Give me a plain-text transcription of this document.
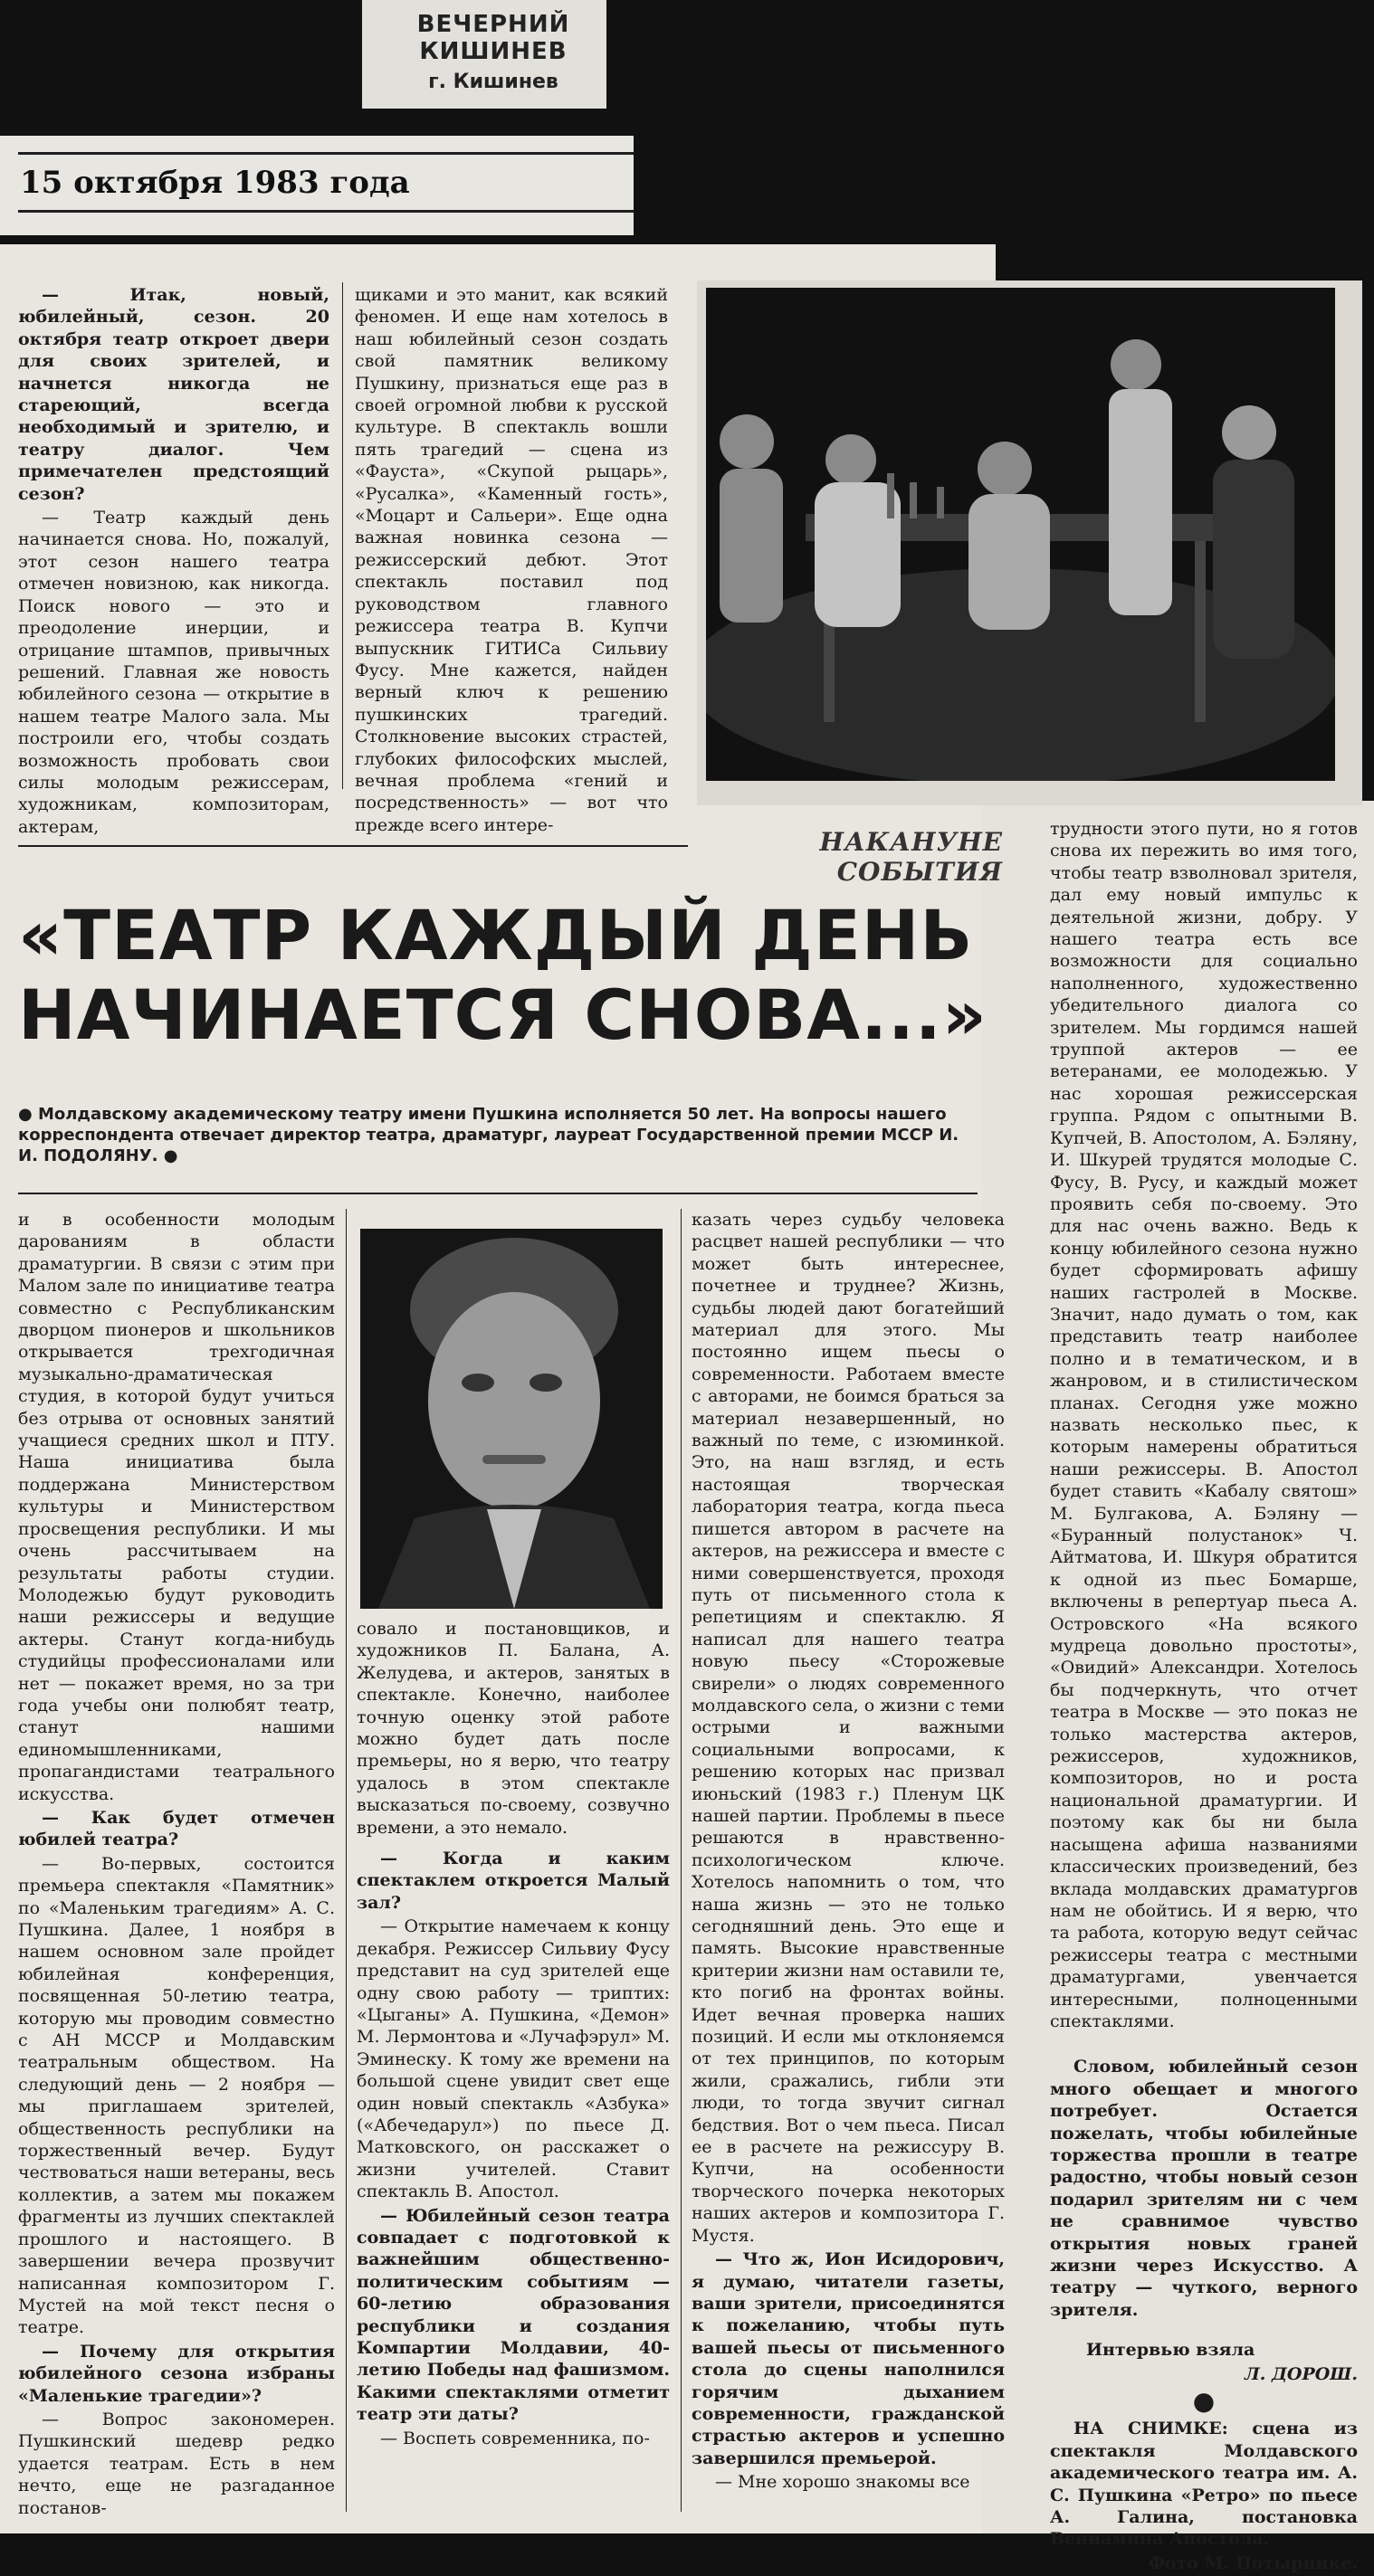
ВЕЧЕРНИЙ КИШИНЕВ
г. Кишинев
15 октября 1983 года

— Итак, новый, юбилейный, сезон. 20 октября театр откроет двери для своих зрителей, и начнется никогда не стареющий, всегда необходимый и зрителю, и театру диалог. Чем примечателен предстоящий сезон?

— Театр каждый день начинается снова. Но, пожалуй, этот сезон нашего театра отмечен новизною, как никогда. Поиск нового — это и преодоление инерции, и отрицание штампов, привычных решений. Главная же новость юбилейного сезона — открытие в нашем театре Малого зала. Мы построили его, чтобы создать возможность пробовать свои силы молодым режиссерам, художникам, композиторам, актерам,

щиками и это манит, как всякий феномен. И еще нам хотелось в наш юбилейный сезон создать свой памятник великому Пушкину, признаться еще раз в своей огромной любви к русской культуре. В спектакль вошли пять трагедий — сцена из «Фауста», «Скупой рыцарь», «Русалка», «Каменный гость», «Моцарт и Сальери». Еще одна важная новинка сезона — режиссерский дебют. Этот спектакль поставил под руководством главного режиссера театра В. Купчи выпускник ГИТИСа Сильвиу Фусу. Мне кажется, найден верный ключ к решению пушкинских трагедий. Столкновение высоких страстей, глубоких философских мыслей, вечная проблема «гений и посредственность» — вот что прежде всего интере-

НАКАНУНЕ СОБЫТИЯ
«ТЕАТР КАЖДЫЙ ДЕНЬ
НАЧИНАЕТСЯ СНОВА...»
● Молдавскому академическому театру имени Пушкина исполняется 50 лет. На вопросы нашего корреспондента отвечает директор театра, драматург, лауреат Государственной премии МССР И. И. ПОДОЛЯНУ. ●

трудности этого пути, но я готов снова их пережить во имя того, чтобы театр взволновал зрителя, дал ему новый импульс к деятельной жизни, добру. У нашего театра есть все возможности для социально наполненного, художественно убедительного диалога со зрителем. Мы гордимся нашей труппой актеров — ее ветеранами, ее молодежью. У нас хорошая режиссерская группа. Рядом с опытными В. Купчей, В. Апостолом, А. Бэляну, И. Шкурей трудятся молодые С. Фусу, В. Русу, и каждый может проявить себя по-своему. Это для нас очень важно. Ведь к концу юбилейного сезона нужно будет сформировать афишу наших гастролей в Москве. Значит, надо думать о том, как представить театр наиболее полно и в тематическом, и в жанровом, и в стилистическом планах. Сегодня уже можно назвать несколько пьес, к которым намерены обратиться наши режиссеры. В. Апостол будет ставить «Кабалу святош» М. Булгакова, А. Бэляну — «Буранный полустанок» Ч. Айтматова, И. Шкуря обратится к одной из пьес Бомарше, включены в репертуар пьеса А. Островского «На всякого мудреца довольно простоты», «Овидий» Александри. Хотелось бы подчеркнуть, что отчет театра в Москве — это показ не только мастерства актеров, режиссеров, художников, композиторов, но и роста национальной драматургии. И поэтому как бы ни была насыщена афиша названиями классических произведений, без вклада молдавских драматургов нам не обойтись. И я верю, что та работа, которую ведут сейчас режиссеры театра с местными драматургами, увенчается интересными, полноценными спектаклями.

Словом, юбилейный сезон много обещает и многого потребует. Остается пожелать, чтобы юбилейные торжества прошли в театре радостно, чтобы новый сезон подарил зрителям ни с чем не сравнимое чувство открытия новых граней жизни через Искусство. А театру — чуткого, верного зрителя.

Интервью взяла

Л. ДОРОШ.

●

НА СНИМКЕ: сцена из спектакля Молдавского академического театра им. А. С. Пушкина «Ретро» по пьесе А. Галина, постановка Вениамина Апостола.

Фото М. Потырнике.

и в особенности молодым дарованиям в области драматургии. В связи с этим при Малом зале по инициативе театра совместно с Республиканским дворцом пионеров и школьников открывается трехгодичная музыкально-драматическая студия, в которой будут учиться без отрыва от основных занятий учащиеся средних школ и ПТУ. Наша инициатива была поддержана Министерством культуры и Министерством просвещения республики. И мы очень рассчитываем на результаты работы студии. Молодежью будут руководить наши режиссеры и ведущие актеры. Станут когда-нибудь студийцы профессионалами или нет — покажет время, но за три года учебы они полюбят театр, станут нашими единомышленниками, пропагандистами театрального искусства.

— Как будет отмечен юбилей театра?

— Во-первых, состоится премьера спектакля «Памятник» по «Маленьким трагедиям» А. С. Пушкина. Далее, 1 ноября в нашем основном зале пройдет юбилейная конференция, посвященная 50-летию театра, которую мы проводим совместно с АН МССР и Молдавским театральным обществом. На следующий день — 2 ноября — мы приглашаем зрителей, общественность республики на торжественный вечер. Будут чествоваться наши ветераны, весь коллектив, а затем мы покажем фрагменты из лучших спектаклей прошлого и настоящего. В завершении вечера прозвучит написанная композитором Г. Мустей на мой текст песня о театре.

— Почему для открытия юбилейного сезона избраны «Маленькие трагедии»?

— Вопрос закономерен. Пушкинский шедевр редко удается театрам. Есть в нем нечто, еще не разгаданное постанов-

совало и постановщиков, и художников П. Балана, А. Желудева, и актеров, занятых в спектакле. Конечно, наиболее точную оценку этой работе можно будет дать после премьеры, но я верю, что театру удалось в этом спектакле высказаться по-своему, созвучно времени, а это немало.

— Когда и каким спектаклем откроется Малый зал?

— Открытие намечаем к концу декабря. Режиссер Сильвиу Фусу представит на суд зрителей еще одну свою работу — триптих: «Цыганы» А. Пушкина, «Демон» М. Лермонтова и «Лучафэрул» М. Эминеску. К тому же времени на большой сцене увидит свет еще один новый спектакль «Азбука» («Абечедарул») по пьесе Д. Матковского, он расскажет о жизни учителей. Ставит спектакль В. Апостол.

— Юбилейный сезон театра совпадает с подготовкой к важнейшим общественно-политическим событиям — 60-летию образования республики и создания Компартии Молдавии, 40-летию Победы над фашизмом. Какими спектаклями отметит театр эти даты?

— Воспеть современника, по-

казать через судьбу человека расцвет нашей республики — что может быть интереснее, почетнее и труднее? Жизнь, судьбы людей дают богатейший материал для этого. Мы постоянно ищем пьесы о современности. Работаем вместе с авторами, не боимся браться за материал незавершенный, но важный по теме, с изюминкой. Это, на наш взгляд, и есть настоящая творческая лаборатория театра, когда пьеса пишется автором в расчете на актеров, на режиссера и вместе с ними совершенствуется, проходя путь от письменного стола к репетициям и спектаклю. Я написал для нашего театра новую пьесу «Сторожевые свирели» о людях современного молдавского села, о жизни с теми острыми и важными социальными вопросами, к решению которых нас призвал июньский (1983 г.) Пленум ЦК нашей партии. Проблемы в пьесе решаются в нравственно-психологическом ключе. Хотелось напомнить о том, что наша жизнь — это не только сегодняшний день. Это еще и память. Высокие нравственные критерии жизни нам оставили те, кто погиб на фронтах войны. Идет вечная проверка наших позиций. И если мы отклоняемся от тех принципов, по которым жили, сражались, гибли эти люди, то тогда звучит сигнал бедствия. Вот о чем пьеса. Писал ее в расчете на режиссуру В. Купчи, на особенности творческого почерка некоторых наших актеров и композитора Г. Мустя.

— Что ж, Ион Исидорович, я думаю, читатели газеты, ваши зрители, присоединятся к пожеланию, чтобы путь вашей пьесы от письменного стола до сцены наполнился горячим дыханием современности, гражданской страстью актеров и успешно завершился премьерой.

— Мне хорошо знакомы все
